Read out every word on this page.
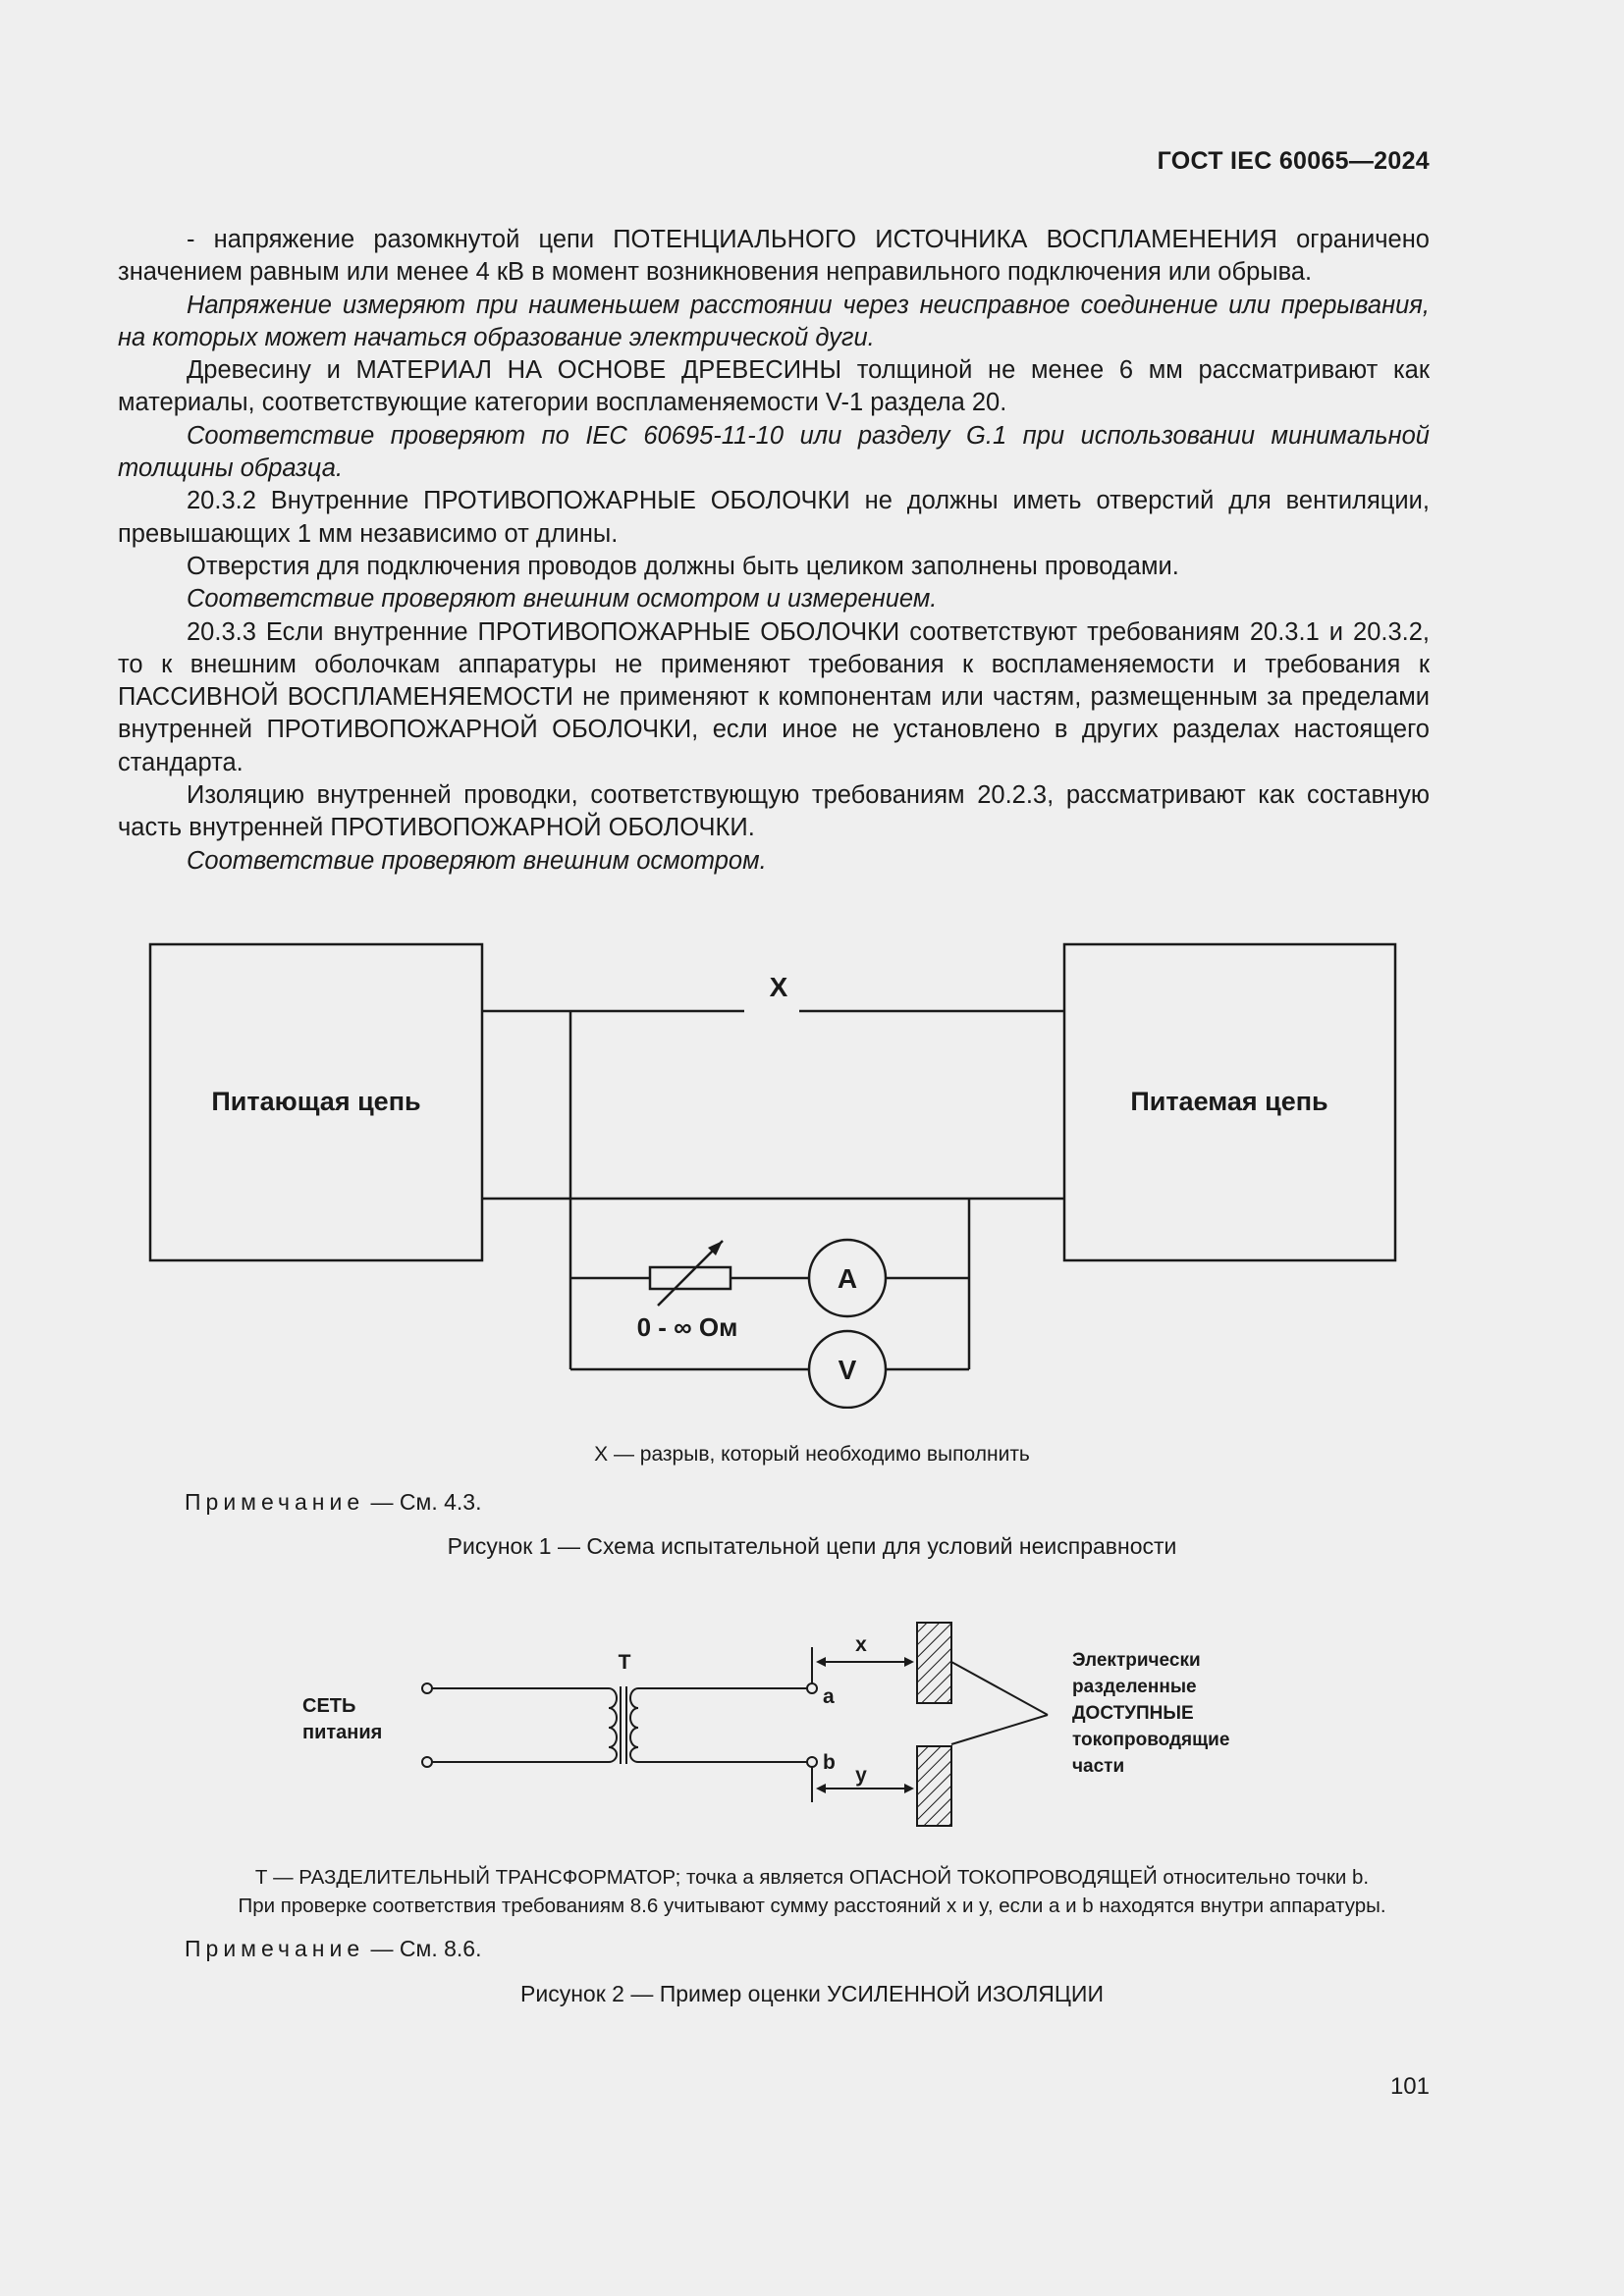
ГОСТ IEC 60065—2024

- напряжение разомкнутой цепи ПОТЕНЦИАЛЬНОГО ИСТОЧНИКА ВОСПЛАМЕНЕНИЯ ограничено значением равным или менее 4 кВ в момент возникновения неправильного подключения или обрыва.

Напряжение измеряют при наименьшем расстоянии через неисправное соединение или прерывания, на которых может начаться образование электрической дуги.

Древесину и МАТЕРИАЛ НА ОСНОВЕ ДРЕВЕСИНЫ толщиной не менее 6 мм рассматривают как материалы, соответствующие категории воспламеняемости V-1 раздела 20.

Соответствие проверяют по IEC 60695-11-10 или разделу G.1 при использовании минимальной толщины образца.

20.3.2 Внутренние ПРОТИВОПОЖАРНЫЕ ОБОЛОЧКИ не должны иметь отверстий для вентиляции, превышающих 1 мм независимо от длины.

Отверстия для подключения проводов должны быть целиком заполнены проводами.

Соответствие проверяют внешним осмотром и измерением.

20.3.3 Если внутренние ПРОТИВОПОЖАРНЫЕ ОБОЛОЧКИ соответствуют требованиям 20.3.1 и 20.3.2, то к внешним оболочкам аппаратуры не применяют требования к воспламеняемости и требования к ПАССИВНОЙ ВОСПЛАМЕНЯЕМОСТИ не применяют к компонентам или частям, размещенным за пределами внутренней ПРОТИВОПОЖАРНОЙ ОБОЛОЧКИ, если иное не установлено в других разделах настоящего стандарта.

Изоляцию внутренней проводки, соответствующую требованиям 20.2.3, рассматривают как составную часть внутренней ПРОТИВОПОЖАРНОЙ ОБОЛОЧКИ.

Соответствие проверяют внешним осмотром.

Питающая цепь	Питаемая цепь
X
0 - ∞ Ом
A
V
X — разрыв, который необходимо выполнить
Примечание — См. 4.3.
Рисунок 1 — Схема испытательной цепи для условий неисправности
СЕТЬ
питания
T
a
b
x
y
Электрически
разделенные
ДОСТУПНЫЕ
токопроводящие
части
Т — РАЗДЕЛИТЕЛЬНЫЙ ТРАНСФОРМАТОР; точка a является ОПАСНОЙ ТОКОПРОВОДЯЩЕЙ относительно точки b.
При проверке соответствия требованиям 8.6 учитывают сумму расстояний x и y, если a и b находятся внутри аппаратуры.
Примечание — См. 8.6.
Рисунок 2 — Пример оценки УСИЛЕННОЙ ИЗОЛЯЦИИ
101
